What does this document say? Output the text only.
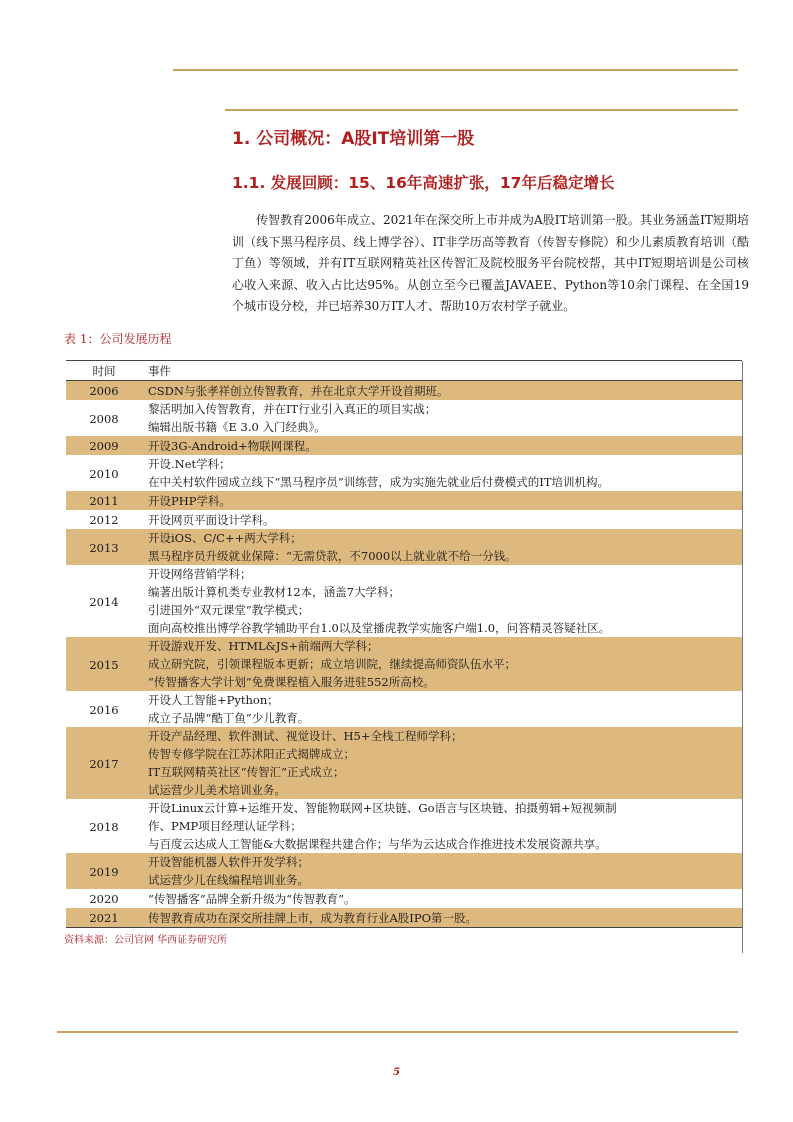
1. 公司概况：A股IT培训第一股
1.1. 发展回顾：15、16年高速扩张，17年后稳定增长

传智教育2006年成立、2021年在深交所上市并成为A股IT培训第一股。其业务涵盖IT短期培训（线下黑马程序员、线上博学谷）、IT非学历高等教育（传智专修院）和少儿素质教育培训（酷丁鱼）等领域，并有IT互联网精英社区传智汇及院校服务平台院校帮，其中IT短期培训是公司核心收入来源、收入占比达95%。从创立至今已覆盖JAVAEE、Python等10余门课程、在全国19个城市设分校，并已培养30万IT人才、帮助10万农村学子就业。

表 1：公司发展历程
时间	事件
2006	CSDN与张孝祥创立传智教育，并在北京大学开设首期班。

2008	黎活明加入传智教育，并在IT行业引入真正的项目实战；
编辑出版书籍《E 3.0 入门经典》。

2009	开设3G-Android+物联网课程。

2010	开设.Net学科；
在中关村软件园成立线下“黑马程序员”训练营，成为实施先就业后付费模式的IT培训机构。

2011	开设PHP学科。

2012	开设网页平面设计学科。

2013	开设iOS、C/C++两大学科；
黑马程序员升级就业保障：“无需贷款，不7000以上就业就不给一分钱。

2014	开设网络营销学科；
编著出版计算机类专业教材12本，涵盖7大学科；
引进国外“双元课堂”教学模式；
面向高校推出博学谷教学辅助平台1.0以及堂播虎教学实施客户端1.0，问答精灵答疑社区。

2015	开设游戏开发、HTML&JS+前端两大学科；
成立研究院，引领课程版本更新；成立培训院，继续提高师资队伍水平；
“传智播客大学计划”免费课程植入服务进驻552所高校。

2016	开设人工智能+Python；
成立子品牌“酷丁鱼”少儿教育。

2017	开设产品经理、软件测试、视觉设计、H5+全栈工程师学科；
传智专修学院在江苏沭阳正式揭牌成立；
IT互联网精英社区“传智汇”正式成立；
试运营少儿美术培训业务。

2018	开设Linux云计算+运维开发、智能物联网+区块链、Go语言与区块链、拍摄剪辑+短视频制
作、PMP项目经理认证学科；
与百度云达成人工智能&大数据课程共建合作；与华为云达成合作推进技术发展资源共享。

2019	开设智能机器人软件开发学科；
试运营少儿在线编程培训业务。

2020	“传智播客”品牌全新升级为“传智教育”。

2021	传智教育成功在深交所挂牌上市，成为教育行业A股IPO第一股。
资料来源：公司官网 华西证券研究所
5
